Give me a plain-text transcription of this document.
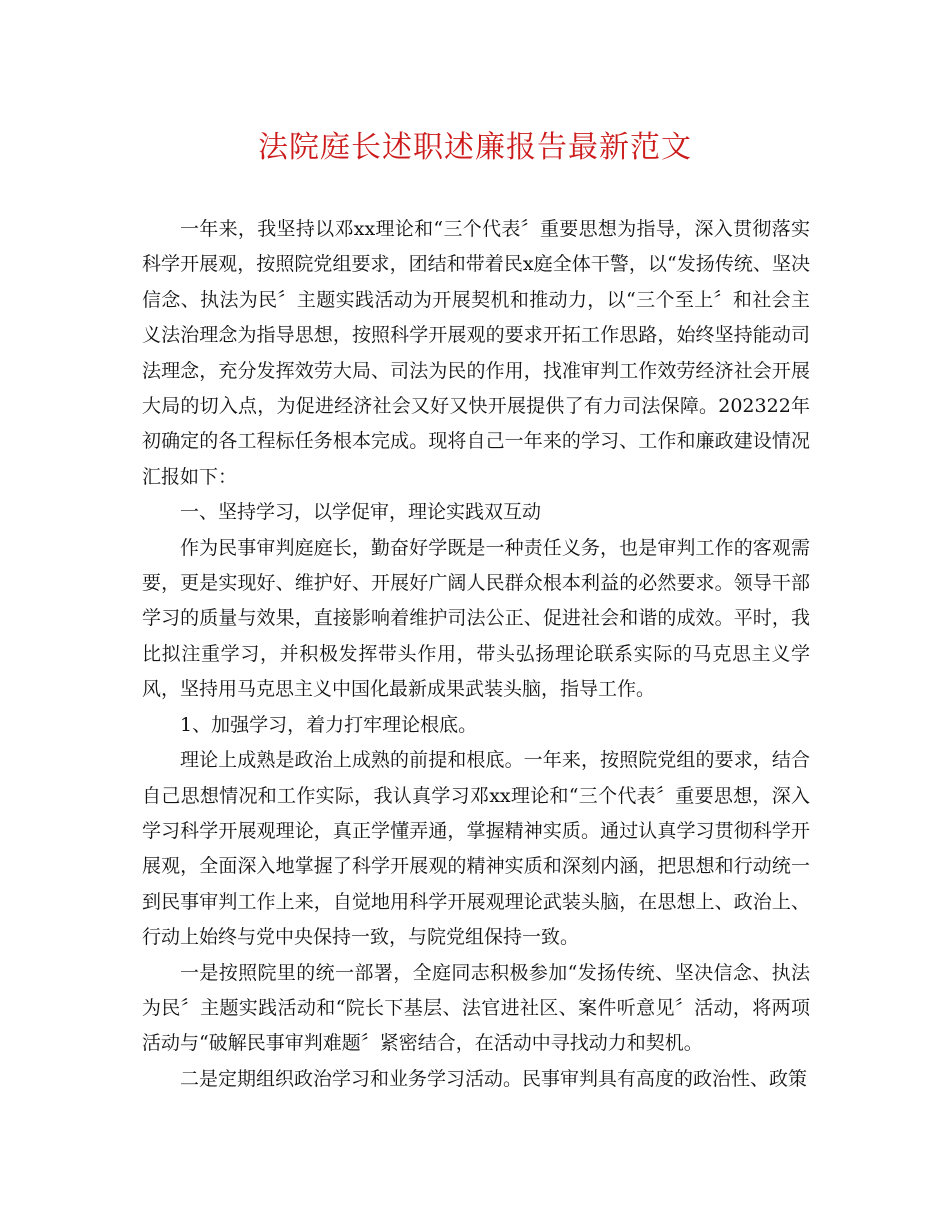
法院庭长述职述廉报告最新范文

一年来，我坚持以邓xx理论和“三个代表〞重要思想为指导，深入贯彻落实科学开展观，按照院党组要求，团结和带着民x庭全体干警，以“发扬传统、坚决信念、执法为民〞主题实践活动为开展契机和推动力，以“三个至上〞和社会主义法治理念为指导思想，按照科学开展观的要求开拓工作思路，始终坚持能动司法理念，充分发挥效劳大局、司法为民的作用，找准审判工作效劳经济社会开展大局的切入点，为促进经济社会又好又快开展提供了有力司法保障。202322年初确定的各工程标任务根本完成。现将自己一年来的学习、工作和廉政建设情况汇报如下：

一、坚持学习，以学促审，理论实践双互动

作为民事审判庭庭长，勤奋好学既是一种责任义务，也是审判工作的客观需要，更是实现好、维护好、开展好广阔人民群众根本利益的必然要求。领导干部学习的质量与效果，直接影响着维护司法公正、促进社会和谐的成效。平时，我比拟注重学习，并积极发挥带头作用，带头弘扬理论联系实际的马克思主义学风，坚持用马克思主义中国化最新成果武装头脑，指导工作。

1、加强学习，着力打牢理论根底。

理论上成熟是政治上成熟的前提和根底。一年来，按照院党组的要求，结合自己思想情况和工作实际，我认真学习邓xx理论和“三个代表〞重要思想，深入学习科学开展观理论，真正学懂弄通，掌握精神实质。通过认真学习贯彻科学开展观，全面深入地掌握了科学开展观的精神实质和深刻内涵，把思想和行动统一到民事审判工作上来，自觉地用科学开展观理论武装头脑，在思想上、政治上、行动上始终与党中央保持一致，与院党组保持一致。

一是按照院里的统一部署，全庭同志积极参加“发扬传统、坚决信念、执法为民〞主题实践活动和“院长下基层、法官进社区、案件听意见〞活动，将两项活动与“破解民事审判难题〞紧密结合，在活动中寻找动力和契机。

二是定期组织政治学习和业务学习活动。民事审判具有高度的政治性、政策
